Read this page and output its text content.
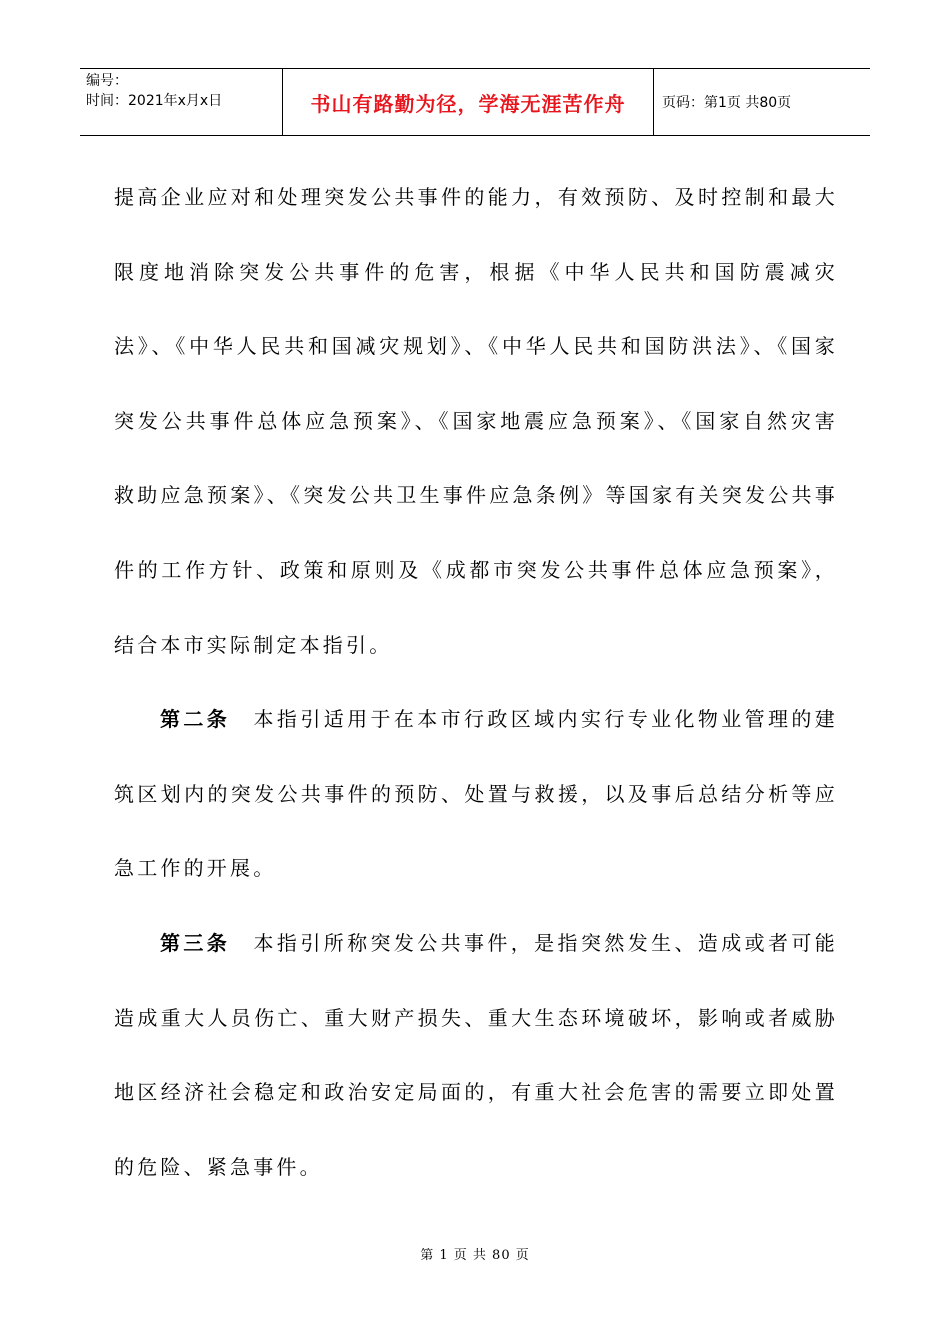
编号：
时间：2021年x月x日	书山有路勤为径，学海无涯苦作舟	页码：第1页 共80页

提高企业应对和处理突发公共事件的能力，有效预防、及时控制和最大限度地消除突发公共事件的危害，根据《中华人民共和国防震减灾法》、《中华人民共和国减灾规划》、《中华人民共和国防洪法》、《国家突发公共事件总体应急预案》、《国家地震应急预案》、《国家自然灾害救助应急预案》、《突发公共卫生事件应急条例》等国家有关突发公共事件的工作方针、政策和原则及《成都市突发公共事件总体应急预案》，结合本市实际制定本指引。

第二条  本指引适用于在本市行政区域内实行专业化物业管理的建筑区划内的突发公共事件的预防、处置与救援，以及事后总结分析等应急工作的开展。

第三条  本指引所称突发公共事件，是指突然发生、造成或者可能造成重大人员伤亡、重大财产损失、重大生态环境破坏，影响或者威胁地区经济社会稳定和政治安定局面的，有重大社会危害的需要立即处置的危险、紧急事件。

第 1 页 共 80 页
